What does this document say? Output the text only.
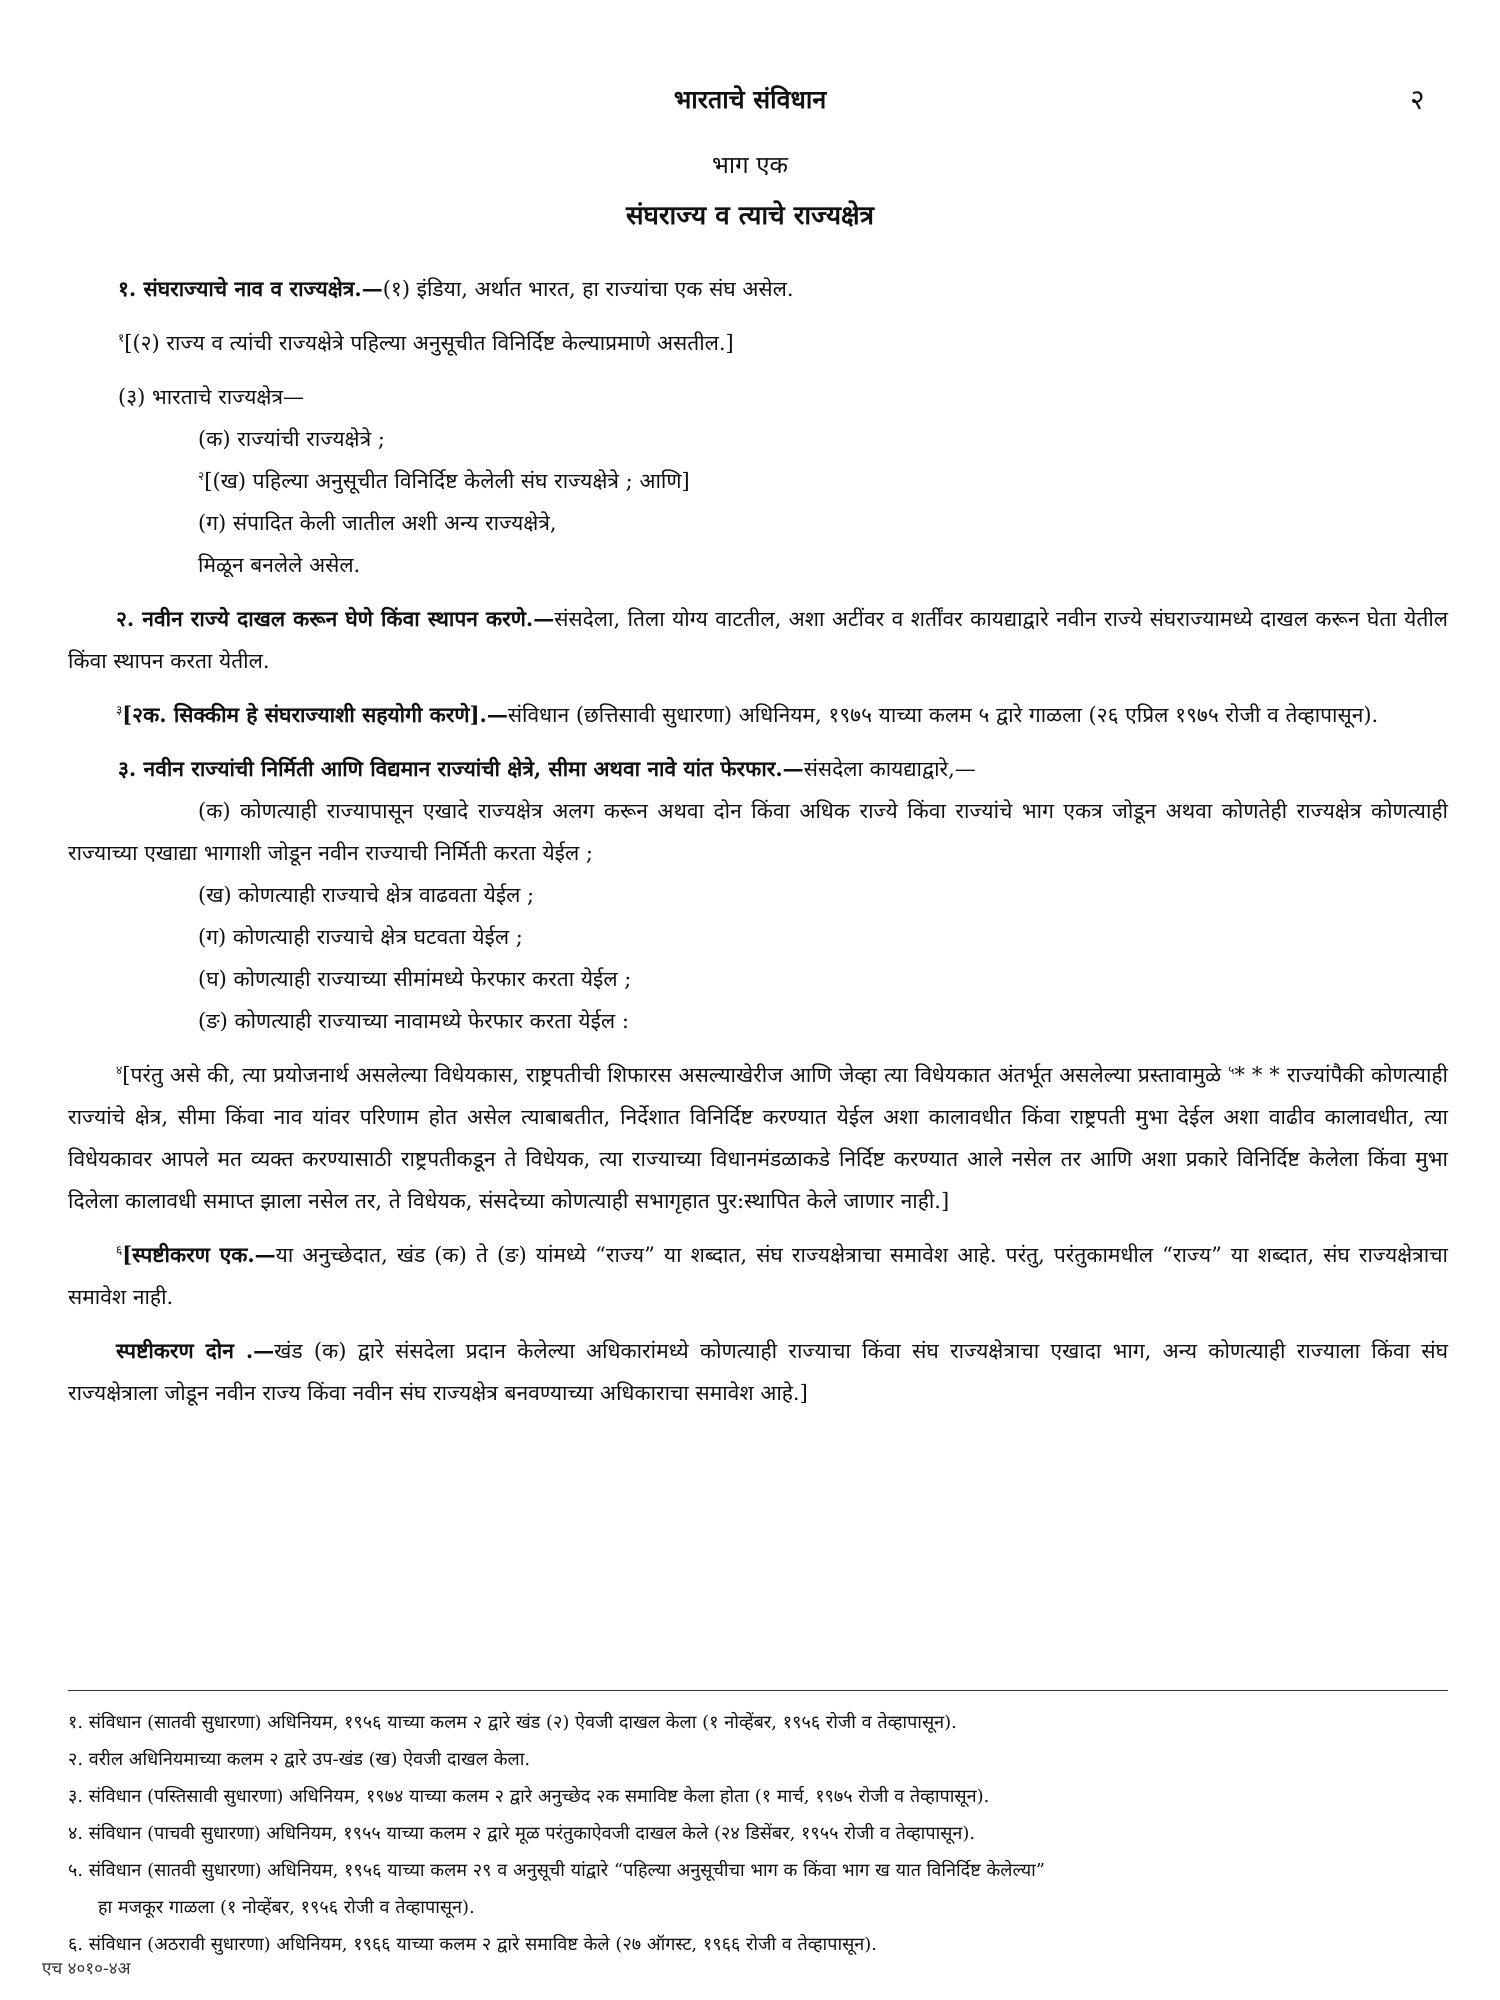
भारताचे संविधान	२
भाग एक
संघराज्य व त्याचे राज्यक्षेत्र

१. संघराज्याचे नाव व राज्यक्षेत्र.—(१) इंडिया, अर्थात भारत, हा राज्यांचा एक संघ असेल.

$^१$[(२) राज्य व त्यांची राज्यक्षेत्रे पहिल्या अनुसूचीत विनिर्दिष्ट केल्याप्रमाणे असतील.]

(३) भारताचे राज्यक्षेत्र—

(क) राज्यांची राज्यक्षेत्रे ;

$^२$[(ख) पहिल्या अनुसूचीत विनिर्दिष्ट केलेली संघ राज्यक्षेत्रे ; आणि]

(ग) संपादित केली जातील अशी अन्य राज्यक्षेत्रे,

मिळून बनलेले असेल.

२. नवीन राज्ये दाखल करून घेणे किंवा स्थापन करणे.—संसदेला, तिला योग्य वाटतील, अशा अटींवर व शर्तींवर कायद्याद्वारे नवीन राज्ये संघराज्यामध्ये दाखल करून घेता येतील किंवा स्थापन करता येतील.

$^३$[२क. सिक्कीम हे संघराज्याशी सहयोगी करणे].—संविधान (छत्तिसावी सुधारणा) अधिनियम, १९७५ याच्या कलम ५ द्वारे गाळला (२६ एप्रिल १९७५ रोजी व तेव्हापासून).

३. नवीन राज्यांची निर्मिती आणि विद्यमान राज्यांची क्षेत्रे, सीमा अथवा नावे यांत फेरफार.—संसदेला कायद्याद्वारे,—

(क) कोणत्याही राज्यापासून एखादे राज्यक्षेत्र अलग करून अथवा दोन किंवा अधिक राज्ये किंवा राज्यांचे भाग एकत्र जोडून अथवा कोणतेही राज्यक्षेत्र कोणत्याही राज्याच्या एखाद्या भागाशी जोडून नवीन राज्याची निर्मिती करता येईल ;

(ख) कोणत्याही राज्याचे क्षेत्र वाढवता येईल ;

(ग) कोणत्याही राज्याचे क्षेत्र घटवता येईल ;

(घ) कोणत्याही राज्याच्या सीमांमध्ये फेरफार करता येईल ;

(ङ) कोणत्याही राज्याच्या नावामध्ये फेरफार करता येईल :

$^४$[परंतु असे की, त्या प्रयोजनार्थ असलेल्या विधेयकास, राष्ट्रपतीची शिफारस असल्याखेरीज आणि जेव्हा त्या विधेयकात अंतर्भूत असलेल्या प्रस्तावामुळे $^५$* * * राज्यांपैकी कोणत्याही राज्यांचे क्षेत्र, सीमा किंवा नाव यांवर परिणाम होत असेल त्याबाबतीत, निर्देशात विनिर्दिष्ट करण्यात येईल अशा कालावधीत किंवा राष्ट्रपती मुभा देईल अशा वाढीव कालावधीत, त्या विधेयकावर आपले मत व्यक्त करण्यासाठी राष्ट्रपतीकडून ते विधेयक, त्या राज्याच्या विधानमंडळाकडे निर्दिष्ट करण्यात आले नसेल तर आणि अशा प्रकारे विनिर्दिष्ट केलेला किंवा मुभा दिलेला कालावधी समाप्त झाला नसेल तर, ते विधेयक, संसदेच्या कोणत्याही सभागृहात पुर:स्थापित केले जाणार नाही.]

$^६$[स्पष्टीकरण एक.—या अनुच्छेदात, खंड (क) ते (ङ) यांमध्ये “राज्य” या शब्दात, संघ राज्यक्षेत्राचा समावेश आहे. परंतु, परंतुकामधील “राज्य” या शब्दात, संघ राज्यक्षेत्राचा समावेश नाही.

स्पष्टीकरण दोन .—खंड (क) द्वारे संसदेला प्रदान केलेल्या अधिकारांमध्ये कोणत्याही राज्याचा किंवा संघ राज्यक्षेत्राचा एखादा भाग, अन्य कोणत्याही राज्याला किंवा संघ राज्यक्षेत्राला जोडून नवीन राज्य किंवा नवीन संघ राज्यक्षेत्र बनवण्याच्या अधिकाराचा समावेश आहे.]

१. संविधान (सातवी सुधारणा) अधिनियम, १९५६ याच्या कलम २ द्वारे खंड (२) ऐवजी दाखल केला (१ नोव्हेंबर, १९५६ रोजी व तेव्हापासून).

२. वरील अधिनियमाच्या कलम २ द्वारे उप-खंड (ख) ऐवजी दाखल केला.

३. संविधान (पस्तिसावी सुधारणा) अधिनियम, १९७४ याच्या कलम २ द्वारे अनुच्छेद २क समाविष्ट केला होता (१ मार्च, १९७५ रोजी व तेव्हापासून).

४. संविधान (पाचवी सुधारणा) अधिनियम, १९५५ याच्या कलम २ द्वारे मूळ परंतुकाऐवजी दाखल केले (२४ डिसेंबर, १९५५ रोजी व तेव्हापासून).

५. संविधान (सातवी सुधारणा) अधिनियम, १९५६ याच्या कलम २९ व अनुसूची यांद्वारे “पहिल्या अनुसूचीचा भाग क किंवा भाग ख यात विनिर्दिष्ट केलेल्या”

हा मजकूर गाळला (१ नोव्हेंबर, १९५६ रोजी व तेव्हापासून).

६. संविधान (अठरावी सुधारणा) अधिनियम, १९६६ याच्या कलम २ द्वारे समाविष्ट केले (२७ ऑगस्ट, १९६६ रोजी व तेव्हापासून).

एच ४०१०-४अ
